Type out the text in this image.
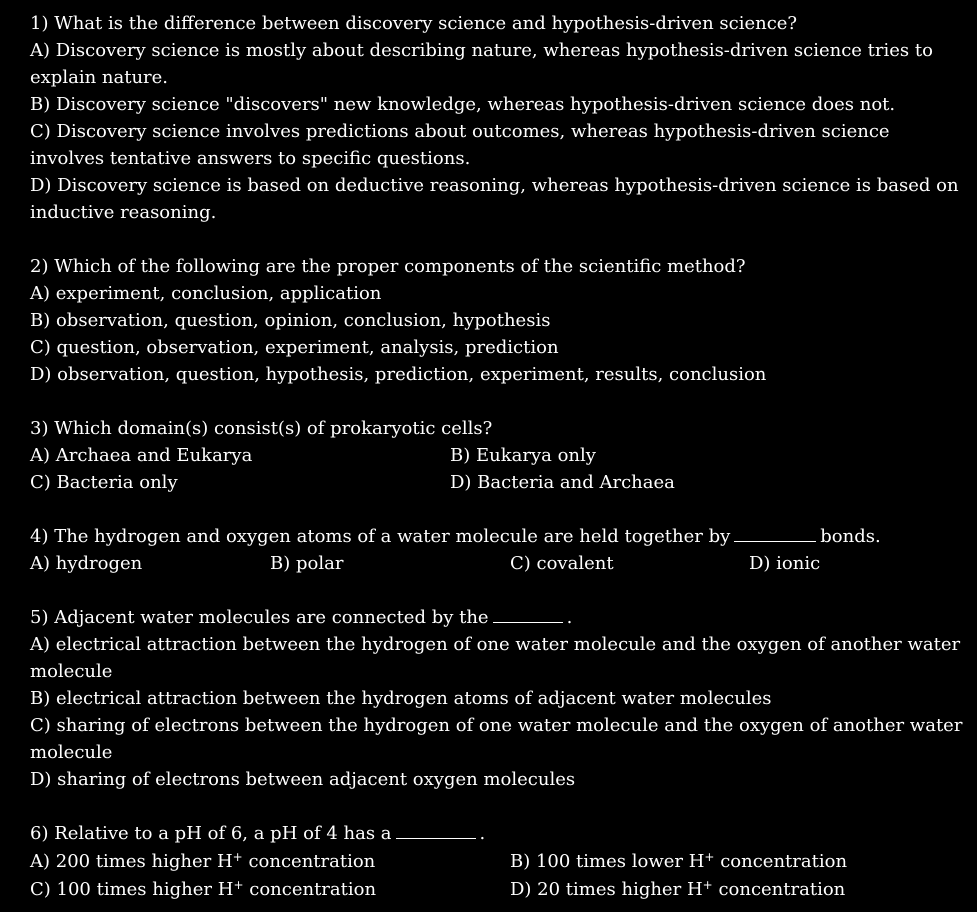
1) What is the difference between discovery science and hypothesis-driven science?
A) Discovery science is mostly about describing nature, whereas hypothesis-driven science tries to
explain nature.
B) Discovery science "discovers" new knowledge, whereas hypothesis-driven science does not.
C) Discovery science involves predictions about outcomes, whereas hypothesis-driven science
involves tentative answers to specific questions.
D) Discovery science is based on deductive reasoning, whereas hypothesis-driven science is based on
inductive reasoning.
2) Which of the following are the proper components of the scientific method?
A) experiment, conclusion, application
B) observation, question, opinion, conclusion, hypothesis
C) question, observation, experiment, analysis, prediction
D) observation, question, hypothesis, prediction, experiment, results, conclusion
3) Which domain(s) consist(s) of prokaryotic cells?
A) Archaea and Eukarya	B) Eukarya only
C) Bacteria only	D) Bacteria and Archaea
4) The hydrogen and oxygen atoms of a water molecule are held together by	bonds.
A) hydrogen	B) polar	C) covalent	D) ionic
5) Adjacent water molecules are connected by the	.
A) electrical attraction between the hydrogen of one water molecule and the oxygen of another water
molecule
B) electrical attraction between the hydrogen atoms of adjacent water molecules
C) sharing of electrons between the hydrogen of one water molecule and the oxygen of another water
molecule
D) sharing of electrons between adjacent oxygen molecules
6) Relative to a pH of 6, a pH of 4 has a	.
A) 200 times higher H+ concentration	B) 100 times lower H+ concentration
C) 100 times higher H+ concentration	D) 20 times higher H+ concentration
